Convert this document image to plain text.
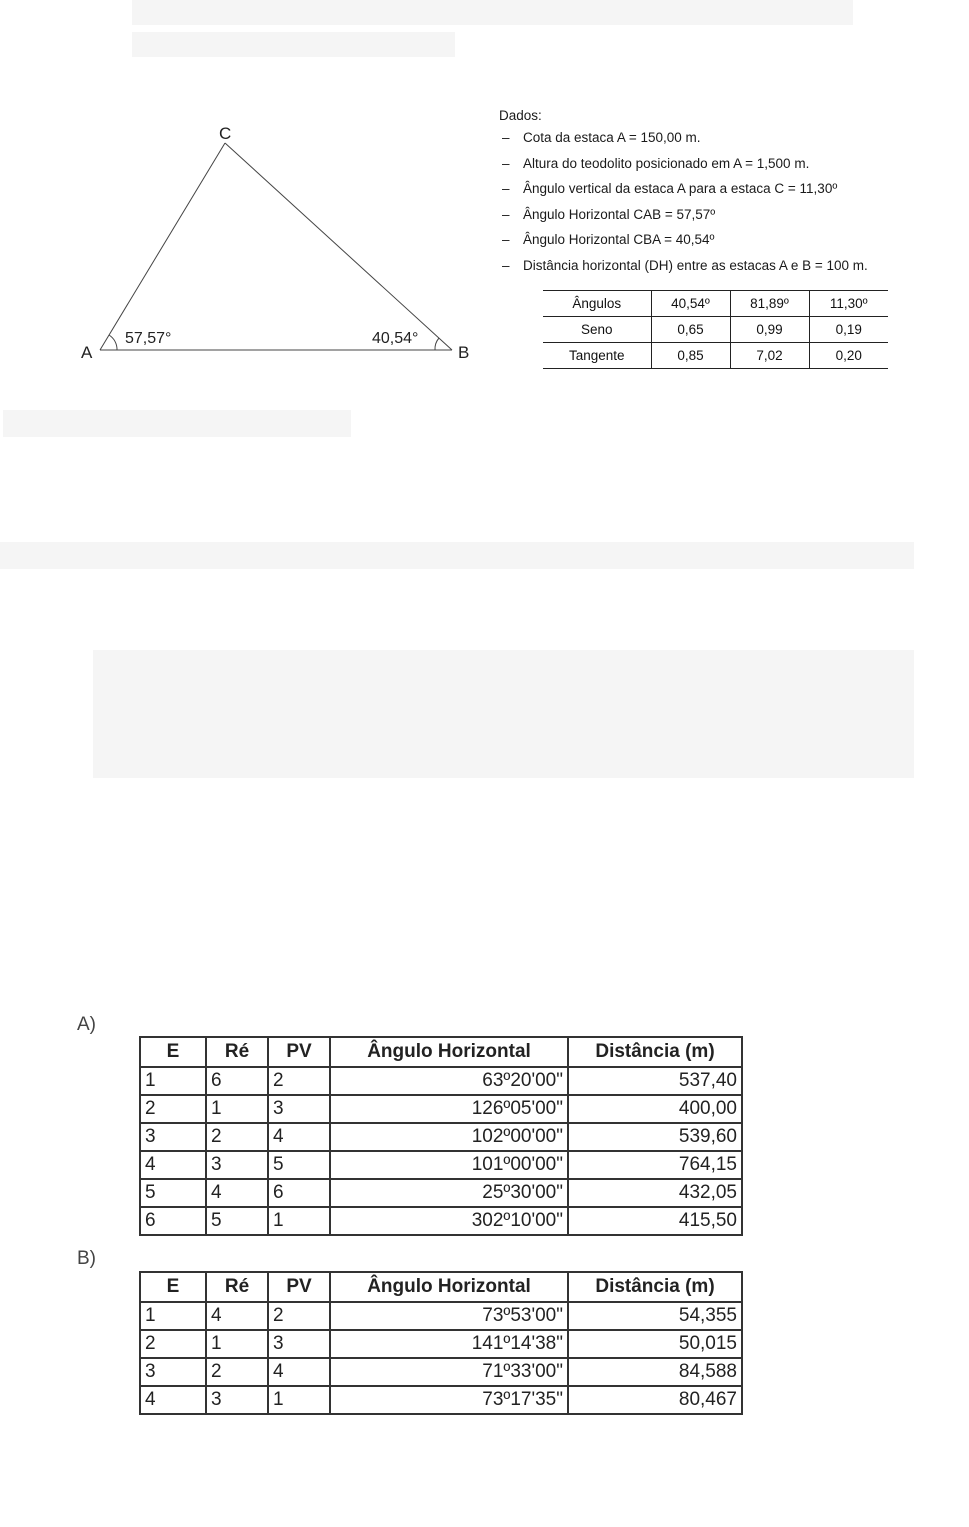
A	B
C
57,57°	40,54°
Dados:
– Cota da estaca A = 150,00 m.
– Altura do teodolito posicionado em A = 1,500 m.
– Ângulo vertical da estaca A para a estaca C = 11,30º
– Ângulo Horizontal CAB = 57,57º
– Ângulo Horizontal CBA = 40,54º
– Distância horizontal (DH) entre as estacas A e B = 100 m.
Ângulos	40,54º	81,89º	11,30º
Seno	0,65	0,99	0,19
Tangente	0,85	7,02	0,20
A)
E	Ré	PV	Ângulo Horizontal	Distância (m)
1	6	2	63º20'00"	537,40
2	1	3	126º05'00"	400,00
3	2	4	102º00'00"	539,60
4	3	5	101º00'00"	764,15
5	4	6	25º30'00"	432,05
6	5	1	302º10'00"	415,50
B)
E	Ré	PV	Ângulo Horizontal	Distância (m)
1	4	2	73º53'00"	54,355
2	1	3	141º14'38"	50,015
3	2	4	71º33'00"	84,588
4	3	1	73º17'35"	80,467
